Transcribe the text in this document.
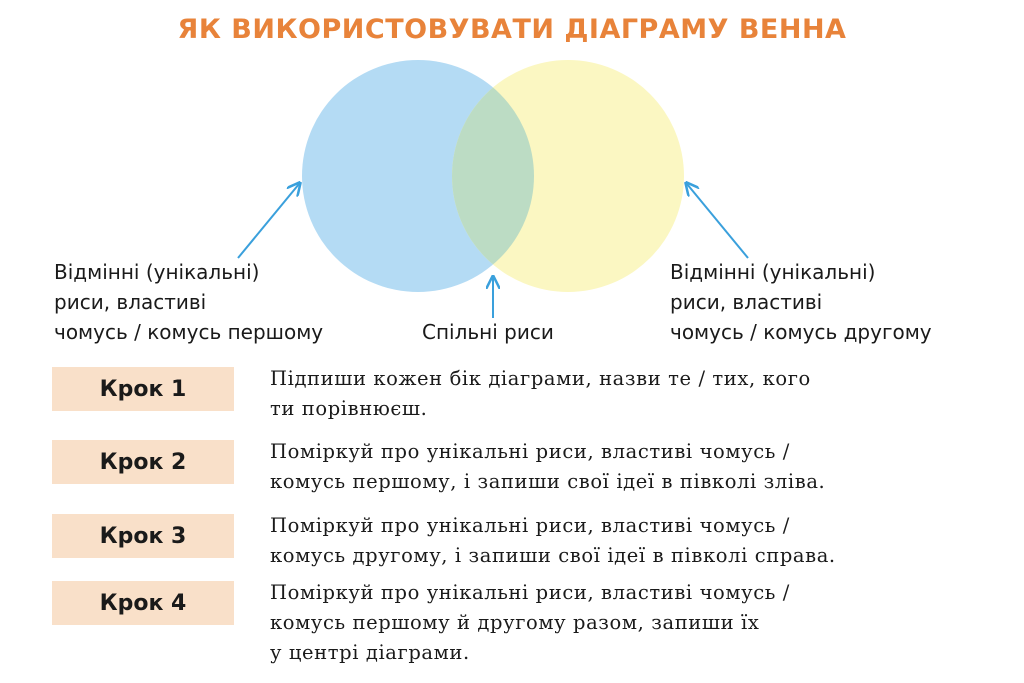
ЯК ВИКОРИСТОВУВАТИ ДІАГРАМУ ВЕННА
Відмінні (унікальні)
риси, властиві
чомусь / комусь першому	Спільні риси
Відмінні (унікальні)
риси, властиві
чомусь / комусь другому
Крок 1	Підпиши кожен бік діаграми, назви те / тих, кого
ти порівнюєш.
Крок 2	Поміркуй про унікальні риси, властиві чомусь /
комусь першому, і запиши свої ідеї в півколі зліва.
Крок 3	Поміркуй про унікальні риси, властиві чомусь /
комусь другому, і запиши свої ідеї в півколі справа.
Крок 4	Поміркуй про унікальні риси, властиві чомусь /
комусь першому й другому разом, запиши їх
у центрі діаграми.
